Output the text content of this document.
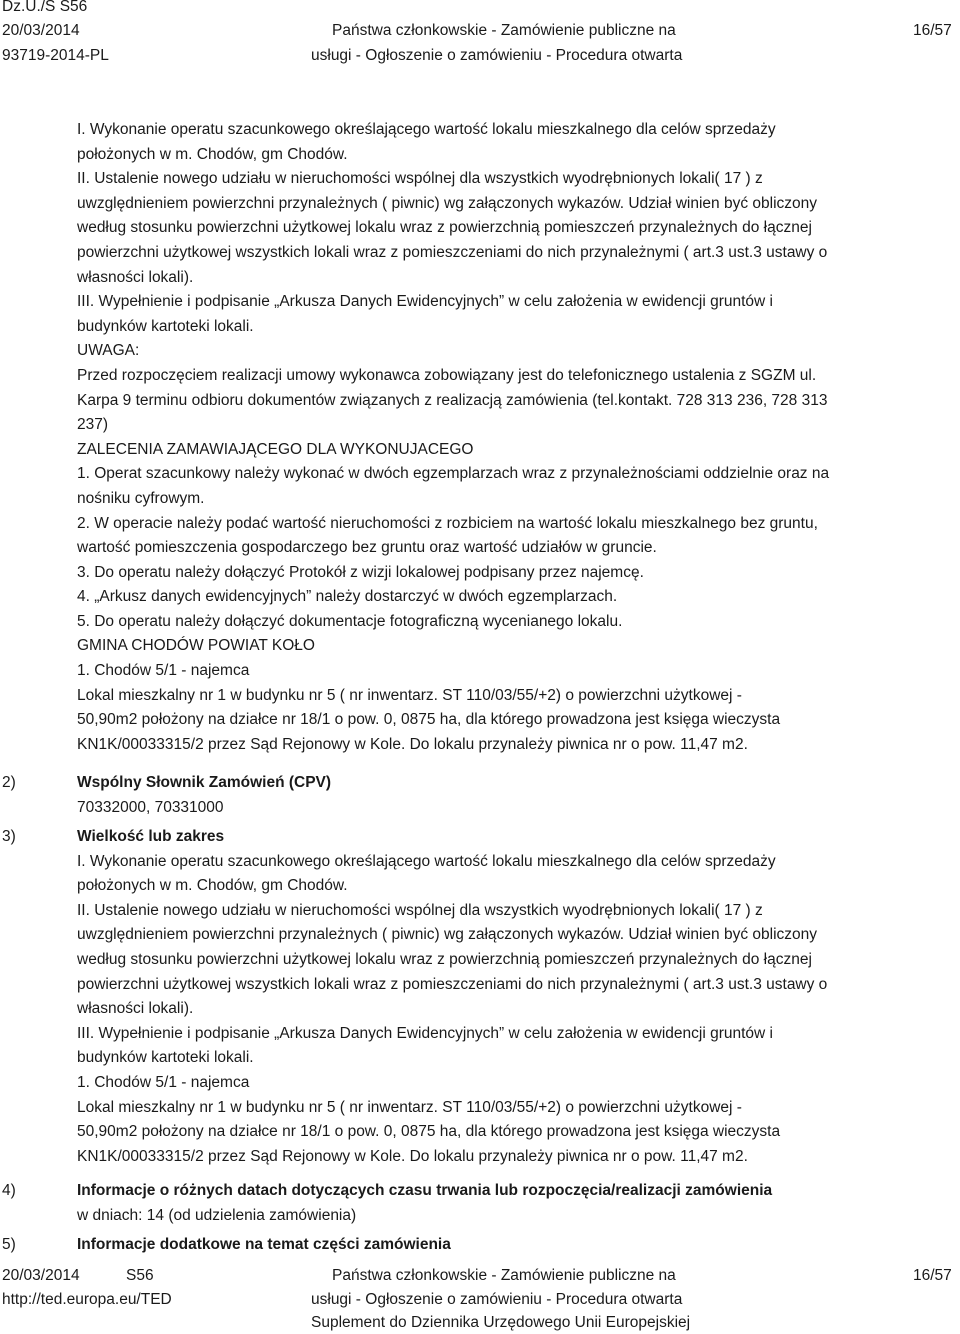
Dz.U./S S56
20/03/2014
93719-2014-PL
Państwa członkowskie - Zamówienie publiczne na
usługi - Ogłoszenie o zamówieniu - Procedura otwarta
16/57
I. Wykonanie operatu szacunkowego określającego wartość lokalu mieszkalnego dla celów sprzedaży
położonych w m. Chodów, gm Chodów.
II. Ustalenie nowego udziału w nieruchomości wspólnej dla wszystkich wyodrębnionych lokali( 17 ) z
uwzględnieniem powierzchni przynależnych ( piwnic) wg załączonych wykazów. Udział winien być obliczony
według stosunku powierzchni użytkowej lokalu wraz z powierzchnią pomieszczeń przynależnych do łącznej
powierzchni użytkowej wszystkich lokali wraz z pomieszczeniami do nich przynależnymi ( art.3 ust.3 ustawy o
własności lokali).
III. Wypełnienie i podpisanie „Arkusza Danych Ewidencyjnych” w celu założenia w ewidencji gruntów i
budynków kartoteki lokali.
UWAGA:
Przed rozpoczęciem realizacji umowy wykonawca zobowiązany jest do telefonicznego ustalenia z SGZM ul.
Karpa 9 terminu odbioru dokumentów związanych z realizacją zamówienia (tel.kontakt. 728 313 236, 728 313
237)
ZALECENIA ZAMAWIAJĄCEGO DLA WYKONUJACEGO
1. Operat szacunkowy należy wykonać w dwóch egzemplarzach wraz z przynależnościami oddzielnie oraz na
nośniku cyfrowym.
2. W operacie należy podać wartość nieruchomości z rozbiciem na wartość lokalu mieszkalnego bez gruntu,
wartość pomieszczenia gospodarczego bez gruntu oraz wartość udziałów w gruncie.
3. Do operatu należy dołączyć Protokół z wizji lokalowej podpisany przez najemcę.
4. „Arkusz danych ewidencyjnych” należy dostarczyć w dwóch egzemplarzach.
5. Do operatu należy dołączyć dokumentacje fotograficzną wycenianego lokalu.
GMINA CHODÓW POWIAT KOŁO
1. Chodów 5/1 - najemca
Lokal mieszkalny nr 1 w budynku nr 5 ( nr inwentarz. ST 110/03/55/+2) o powierzchni użytkowej -
50,90m2 położony na działce nr 18/1 o pow. 0, 0875 ha, dla którego prowadzona jest księga wieczysta
KN1K/00033315/2 przez Sąd Rejonowy w Kole. Do lokalu przynależy piwnica nr o pow. 11,47 m2.
2)	Wspólny Słownik Zamówień (CPV)
70332000, 70331000
3)	Wielkość lub zakres
I. Wykonanie operatu szacunkowego określającego wartość lokalu mieszkalnego dla celów sprzedaży
położonych w m. Chodów, gm Chodów.
II. Ustalenie nowego udziału w nieruchomości wspólnej dla wszystkich wyodrębnionych lokali( 17 ) z
uwzględnieniem powierzchni przynależnych ( piwnic) wg załączonych wykazów. Udział winien być obliczony
według stosunku powierzchni użytkowej lokalu wraz z powierzchnią pomieszczeń przynależnych do łącznej
powierzchni użytkowej wszystkich lokali wraz z pomieszczeniami do nich przynależnymi ( art.3 ust.3 ustawy o
własności lokali).
III. Wypełnienie i podpisanie „Arkusza Danych Ewidencyjnych” w celu założenia w ewidencji gruntów i
budynków kartoteki lokali.
1. Chodów 5/1 - najemca
Lokal mieszkalny nr 1 w budynku nr 5 ( nr inwentarz. ST 110/03/55/+2) o powierzchni użytkowej -
50,90m2 położony na działce nr 18/1 o pow. 0, 0875 ha, dla którego prowadzona jest księga wieczysta
KN1K/00033315/2 przez Sąd Rejonowy w Kole. Do lokalu przynależy piwnica nr o pow. 11,47 m2.
4)	Informacje o różnych datach dotyczących czasu trwania lub rozpoczęcia/realizacji zamówienia
w dniach: 14 (od udzielenia zamówienia)
5)	Informacje dodatkowe na temat części zamówienia
20/03/2014	S56
http://ted.europa.eu/TED
Państwa członkowskie - Zamówienie publiczne na
usługi - Ogłoszenie o zamówieniu - Procedura otwarta
Suplement do Dziennika Urzędowego Unii Europejskiej
16/57
